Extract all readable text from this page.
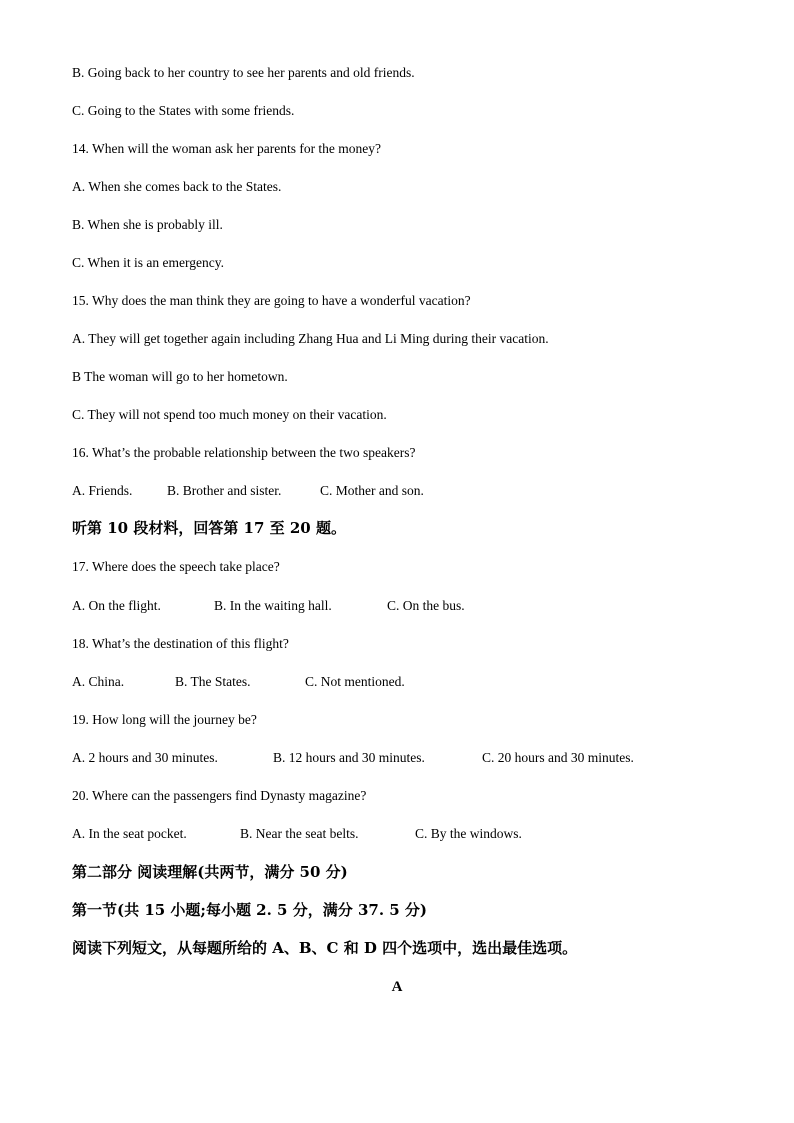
B. Going back to her country to see her parents and old friends.
C. Going to the States with some friends.
14. When will the woman ask her parents for the money?
A. When she comes back to the States.
B. When she is probably ill.
C. When it is an emergency.
15. Why does the man think they are going to have a wonderful vacation?
A. They will get together again including Zhang Hua and Li Ming during their vacation.
B The woman will go to her hometown.
C. They will not spend too much money on their vacation.
16. What’s the probable relationship between the two speakers?
A. Friends.	B. Brother and sister.	C. Mother and son.
听第 10 段材料，回答第 17 至 20 题。
17. Where does the speech take place?
A. On the flight.	B. In the waiting hall.	C. On the bus.
18. What’s the destination of this flight?
A. China.	B. The States.	C. Not mentioned.
19. How long will the journey be?
A. 2 hours and 30 minutes.	B. 12 hours and 30 minutes.	C. 20 hours and 30 minutes.
20. Where can the passengers find Dynasty magazine?
A. In the seat pocket.	B. Near the seat belts.	C. By the windows.
第二部分 阅读理解(共两节，满分 50 分)
第一节(共 15 小题;每小题 2. 5 分，满分 37. 5 分)
阅读下列短文，从每题所给的 A、B、C 和 D 四个选项中，选出最佳选项。
A
